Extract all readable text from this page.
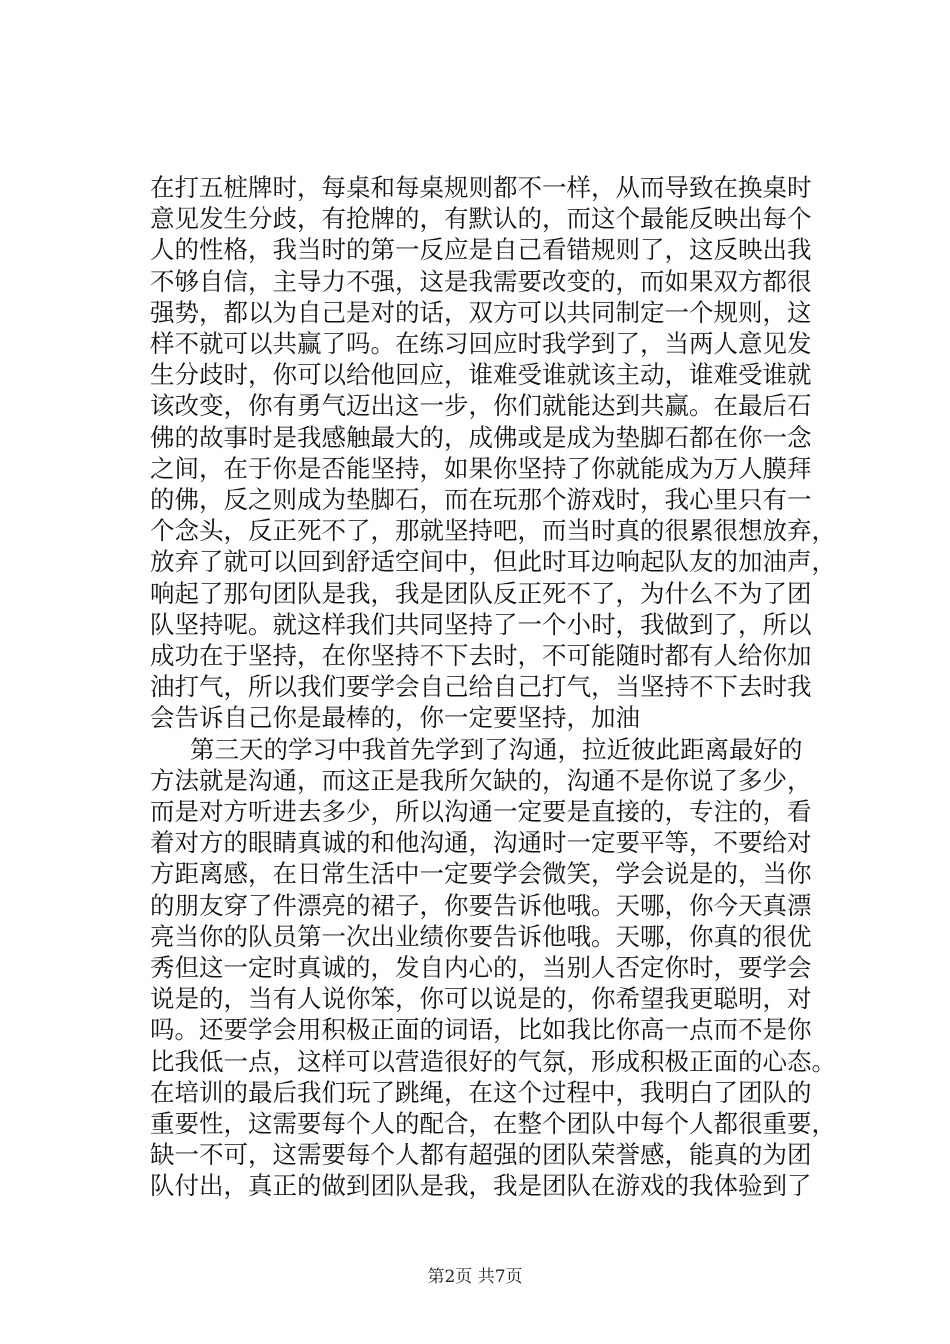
在打五桩牌时，每桌和每桌规则都不一样，从而导致在换桌时
意见发生分歧，有抢牌的，有默认的，而这个最能反映出每个
人的性格，我当时的第一反应是自己看错规则了，这反映出我
不够自信，主导力不强，这是我需要改变的，而如果双方都很
强势，都以为自己是对的话，双方可以共同制定一个规则，这
样不就可以共赢了吗。在练习回应时我学到了，当两人意见发
生分歧时，你可以给他回应，谁难受谁就该主动，谁难受谁就
该改变，你有勇气迈出这一步，你们就能达到共赢。在最后石
佛的故事时是我感触最大的，成佛或是成为垫脚石都在你一念
之间，在于你是否能坚持，如果你坚持了你就能成为万人膜拜
的佛，反之则成为垫脚石，而在玩那个游戏时，我心里只有一
个念头，反正死不了，那就坚持吧，而当时真的很累很想放弃，
放弃了就可以回到舒适空间中，但此时耳边响起队友的加油声，
响起了那句团队是我，我是团队反正死不了，为什么不为了团
队坚持呢。就这样我们共同坚持了一个小时，我做到了，所以
成功在于坚持，在你坚持不下去时，不可能随时都有人给你加
油打气，所以我们要学会自己给自己打气，当坚持不下去时我
会告诉自己你是最棒的，你一定要坚持，加油
第三天的学习中我首先学到了沟通，拉近彼此距离最好的
方法就是沟通，而这正是我所欠缺的，沟通不是你说了多少，
而是对方听进去多少，所以沟通一定要是直接的，专注的，看
着对方的眼睛真诚的和他沟通，沟通时一定要平等，不要给对
方距离感，在日常生活中一定要学会微笑，学会说是的，当你
的朋友穿了件漂亮的裙子，你要告诉他哦。天哪，你今天真漂
亮当你的队员第一次出业绩你要告诉他哦。天哪，你真的很优
秀但这一定时真诚的，发自内心的，当别人否定你时，要学会
说是的，当有人说你笨，你可以说是的，你希望我更聪明，对
吗。还要学会用积极正面的词语，比如我比你高一点而不是你
比我低一点，这样可以营造很好的气氛，形成积极正面的心态。
在培训的最后我们玩了跳绳，在这个过程中，我明白了团队的
重要性，这需要每个人的配合，在整个团队中每个人都很重要，
缺一不可，这需要每个人都有超强的团队荣誉感，能真的为团
队付出，真正的做到团队是我，我是团队在游戏的我体验到了
第2页 共7页
